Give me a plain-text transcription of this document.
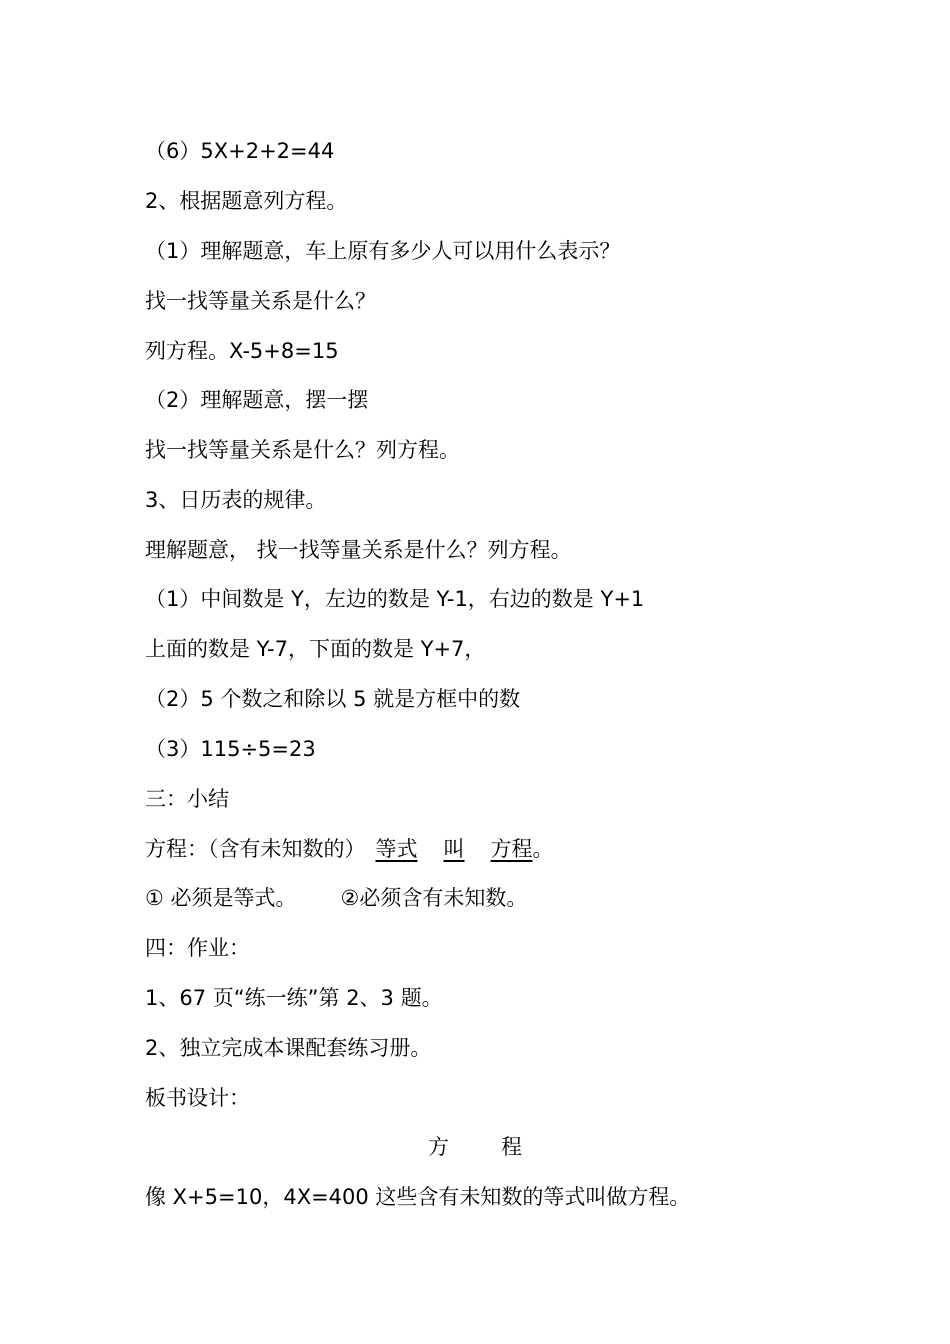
（6）5X+2+2=44
2、根据题意列方程。
（1）理解题意，车上原有多少人可以用什么表示？
找一找等量关系是什么？
列方程。X-5+8=15
（2）理解题意，摆一摆
找一找等量关系是什么？列方程。
3、日历表的规律。
理解题意， 找一找等量关系是什么？列方程。
（1）中间数是 Y，左边的数是 Y-1，右边的数是 Y+1
上面的数是 Y-7，下面的数是 Y+7，
（2）5 个数之和除以 5 就是方框中的数
（3）115÷5=23
三：小结
方程：（含有未知数的） 等式 叫 方程。
① 必须是等式。 ②必须含有未知数。
四：作业：
1、67 页“练一练”第 2、3 题。
2、独立完成本课配套练习册。
板书设计：
方 程
像 X+5=10，4X=400 这些含有未知数的等式叫做方程。
